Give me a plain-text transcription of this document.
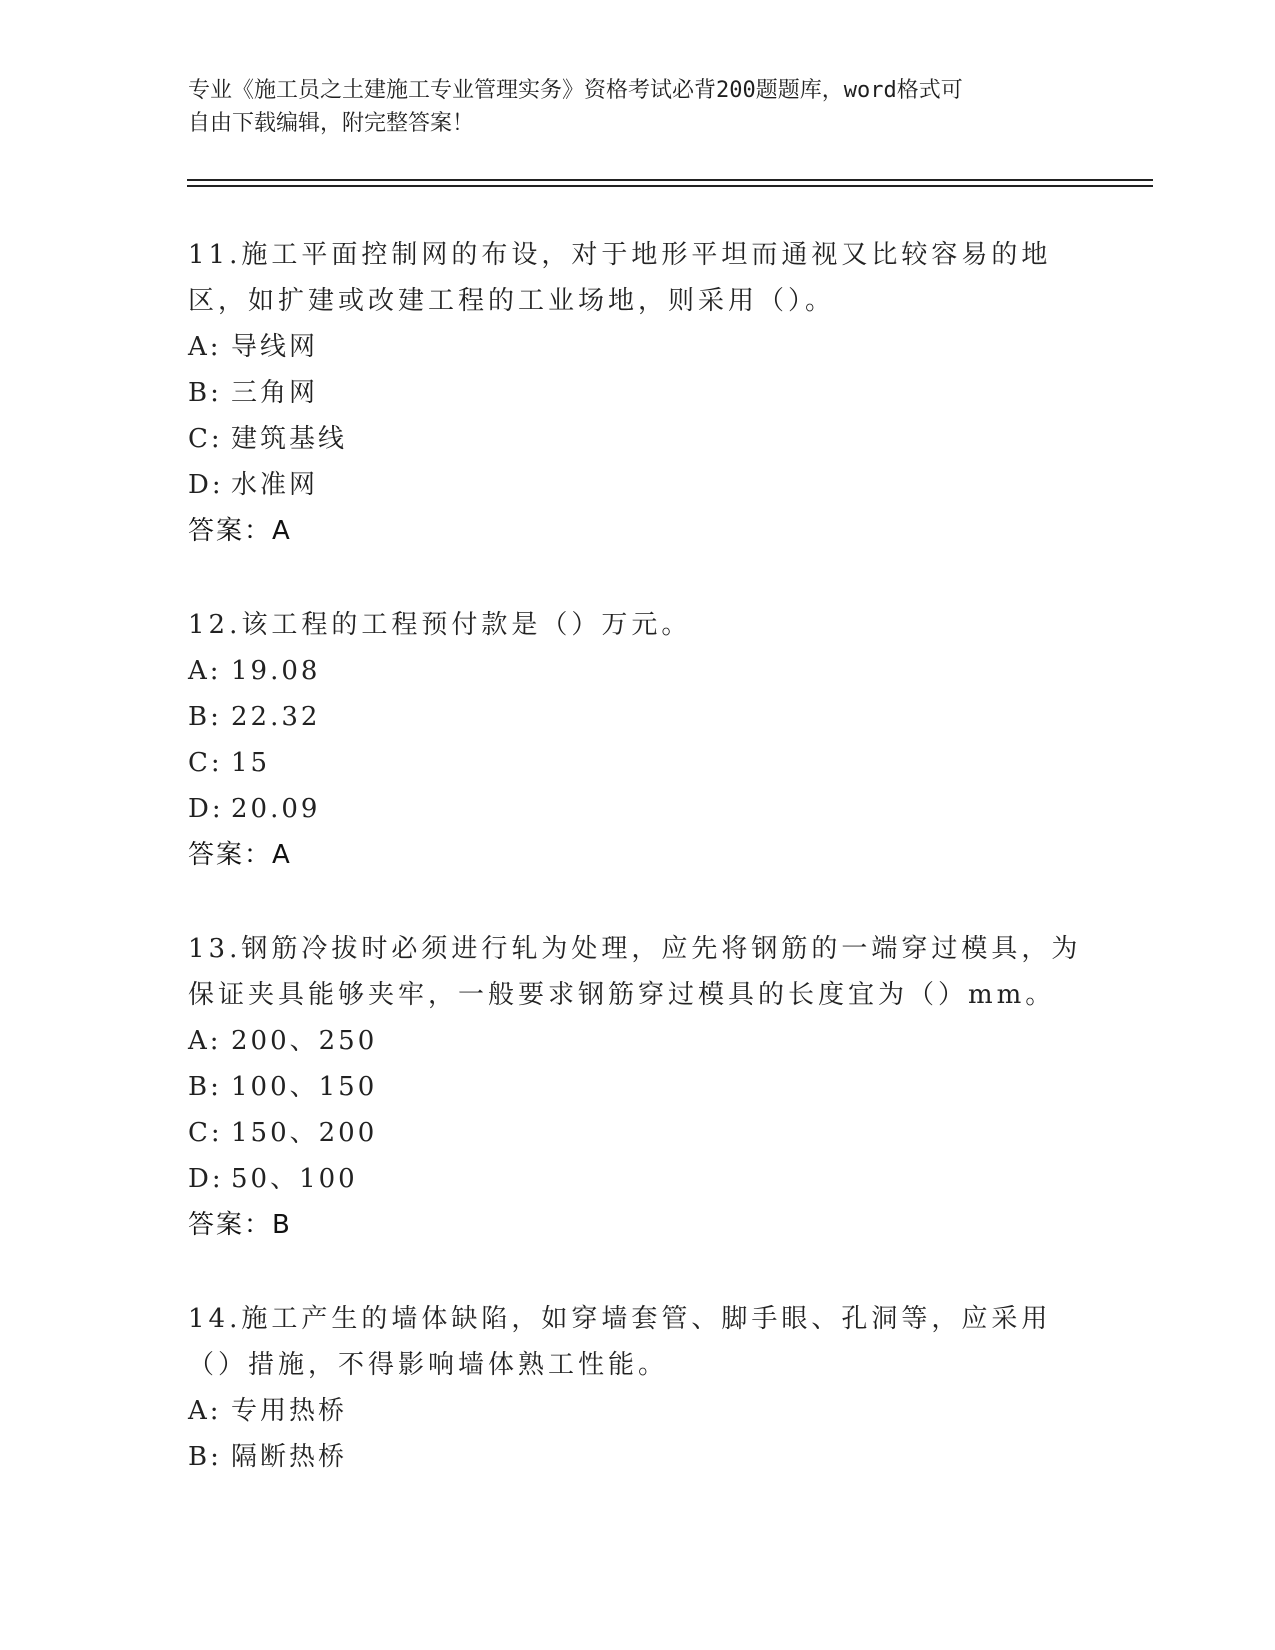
专业《施工员之土建施工专业管理实务》资格考试必背200题题库，word格式可
自由下载编辑，附完整答案！

11.施工平面控制网的布设，对于地形平坦而通视又比较容易的地区，如扩建或改建工程的工业场地，则采用（）。

A: 导线网
B: 三角网
C: 建筑基线
D: 水准网
答案：A

12.该工程的工程预付款是（）万元。

A: 19.08
B: 22.32
C: 15
D: 20.09
答案：A

13.钢筋冷拔时必须进行轧为处理，应先将钢筋的一端穿过模具，为保证夹具能够夹牢，一般要求钢筋穿过模具的长度宜为（）mm。

A: 200、250
B: 100、150
C: 150、200
D: 50、100
答案：B

14.施工产生的墙体缺陷，如穿墙套管、脚手眼、孔洞等，应采用（）措施，不得影响墙体熟工性能。

A: 专用热桥
B: 隔断热桥
